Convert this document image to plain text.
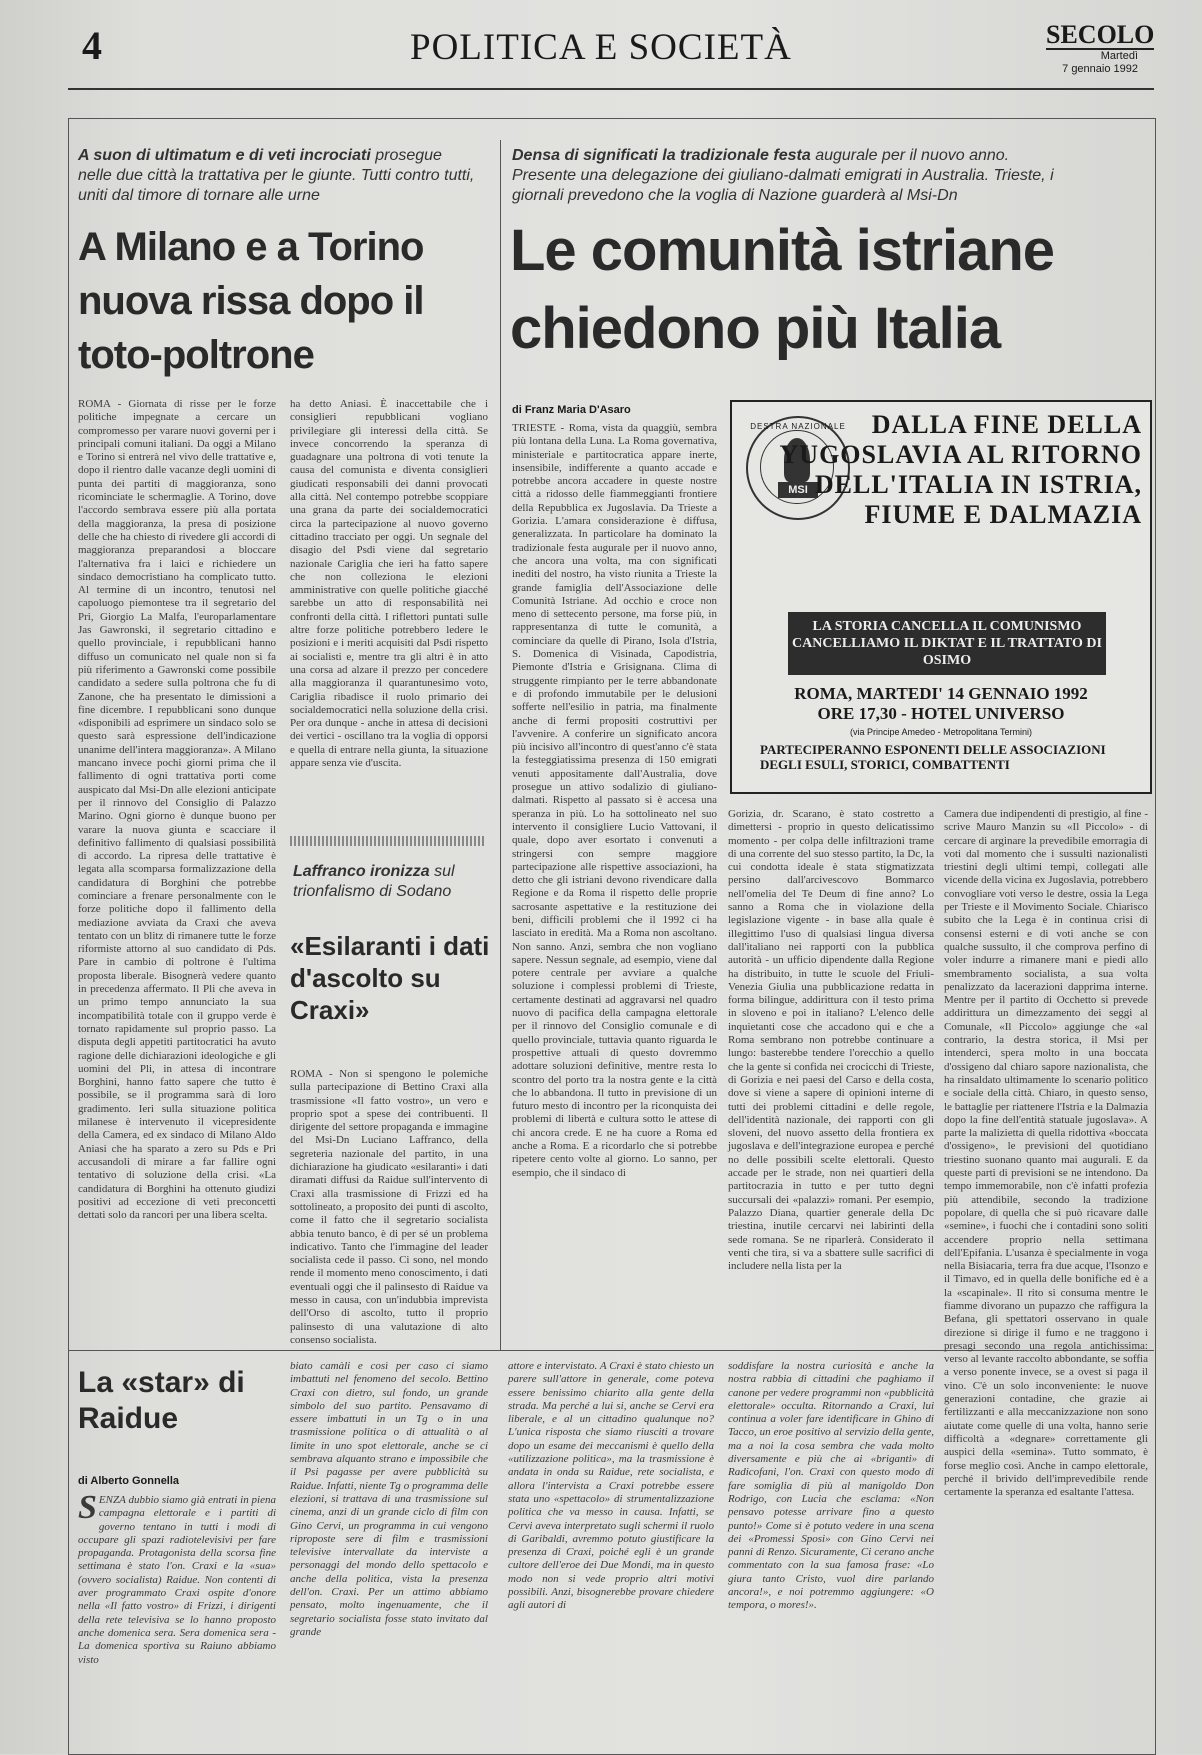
4	POLITICA E SOCIETÀ	SECOLO
Martedì
7 gennaio 1992
A suon di ultimatum e di veti incrociati prosegue nelle due città la trattativa per le giunte. Tutti contro tutti, uniti dal timore di tornare alle urne
A Milano e a Torino nuova rissa dopo il toto-poltrone
ROMA - Giornata di risse per le forze politiche impegnate a cercare un compromesso per varare nuovi governi per i principali comuni italiani. Da oggi a Milano e Torino si entrerà nel vivo delle trattative e, dopo il rientro dalle vacanze degli uomini di punta dei partiti di maggioranza, sono ricominciate le schermaglie. A Torino, dove l'accordo sembrava essere più alla portata della maggioranza, la presa di posizione delle che ha chiesto di rivedere gli accordi di maggioranza preparandosi a bloccare l'alternativa fra i laici e richiedere un sindaco democristiano ha complicato tutto. Al termine di un incontro, tenutosi nel capoluogo piemontese tra il segretario del Pri, Giorgio La Malfa, l'europarlamentare Jas Gawronski, il segretario cittadino e quello provinciale, i repubblicani hanno diffuso un comunicato nel quale non si fa più riferimento a Gawronski come possibile candidato a sedere sulla poltrona che fu di Zanone, che ha presentato le dimissioni a fine dicembre. I repubblicani sono dunque «disponibili ad esprimere un sindaco solo se questo sarà espressione dell'indicazione unanime dell'intera maggioranza». A Milano mancano invece pochi giorni prima che il fallimento di ogni trattativa porti come auspicato dal Msi-Dn alle elezioni anticipate per il rinnovo del Consiglio di Palazzo Marino. Ogni giorno è dunque buono per varare la nuova giunta e scacciare il definitivo fallimento di qualsiasi possibilità di accordo. La ripresa delle trattative è legata alla scomparsa formalizzazione della candidatura di Borghini che potrebbe cominciare a frenare personalmente con le forze politiche dopo il fallimento della mediazione avviata da Craxi che aveva tentato con un blitz di rimanere tutte le forze riformiste attorno al suo candidato di Pds. Pare in cambio di poltrone è l'ultima proposta liberale. Bisognerà vedere quanto in precedenza affermato. Il Pli che aveva in un primo tempo annunciato la sua incompatibilità totale con il gruppo verde è tornato rapidamente sul proprio passo. La disputa degli appetiti partitocratici ha avuto ragione delle dichiarazioni ideologiche e gli uomini del Pli, in attesa di incontrare Borghini, hanno fatto sapere che tutto è possibile, se il programma sarà di loro gradimento. Ieri sulla situazione politica milanese è intervenuto il vicepresidente della Camera, ed ex sindaco di Milano Aldo Aniasi che ha sparato a zero su Pds e Pri accusandoli di mirare a far fallire ogni tentativo di soluzione della crisi. «La candidatura di Borghini ha ottenuto giudizi positivi ad eccezione di veti preconcetti dettati solo da rancori per una libera scelta.
ha detto Aniasi. È inaccettabile che i consiglieri repubblicani vogliano privilegiare gli interessi della città. Se invece concorrendo la speranza di guadagnare una poltrona di voti tenute la causa del comunista e diventa consiglieri giudicati responsabili dei danni provocati alla città. Nel contempo potrebbe scoppiare una grana da parte dei socialdemocratici circa la partecipazione al nuovo governo cittadino tracciato per oggi. Un segnale del disagio del Psdi viene dal segretario nazionale Cariglia che ieri ha fatto sapere che non colleziona le elezioni amministrative con quelle politiche giacché sarebbe un atto di responsabilità nei confronti della città. I riflettori puntati sulle altre forze politiche potrebbero ledere le posizioni e i meriti acquisiti dal Psdi rispetto ai socialisti e, mentre tra gli altri è in atto una corsa ad alzare il prezzo per concedere alla maggioranza il quarantunesimo voto, Cariglia ribadisce il ruolo primario dei socialdemocratici nella soluzione della crisi. Per ora dunque - anche in attesa di decisioni dei vertici - oscillano tra la voglia di opporsi e quella di entrare nella giunta, la situazione appare senza vie d'uscita.
Laffranco ironizza sul trionfalismo di Sodano
«Esilaranti i dati d'ascolto su Craxi»
ROMA - Non si spengono le polemiche sulla partecipazione di Bettino Craxi alla trasmissione «Il fatto vostro», un vero e proprio spot a spese dei contribuenti. Il dirigente del settore propaganda e immagine del Msi-Dn Luciano Laffranco, della segreteria nazionale del partito, in una dichiarazione ha giudicato «esilaranti» i dati diramati diffusi da Raidue sull'intervento di Craxi alla trasmissione di Frizzi ed ha sottolineato, a proposito dei punti di ascolto, come il fatto che il segretario socialista abbia tenuto banco, è di per sé un problema indicativo. Tanto che l'immagine del leader socialista cede il passo. Ci sono, nel mondo rende il momento meno conoscimento, i dati eventuali oggi che il palinsesto di Raidue va messo in causa, con un'indubbia imprevista dell'Orso di ascolto, tutto il proprio palinsesto di una valutazione di alto consenso socialista.
Densa di significati la tradizionale festa augurale per il nuovo anno. Presente una delegazione dei giuliano-dalmati emigrati in Australia. Trieste, i giornali prevedono che la voglia di Nazione guarderà al Msi-Dn
Le comunità istriane chiedono più Italia
di Franz Maria D'Asaro
TRIESTE - Roma, vista da quaggiù, sembra più lontana della Luna. La Roma governativa, ministeriale e partitocratica appare inerte, insensibile, indifferente a quanto accade e potrebbe ancora accadere in queste nostre città a ridosso delle fiammeggianti frontiere della Repubblica ex Jugoslavia. Da Trieste a Gorizia. L'amara considerazione è diffusa, generalizzata. In particolare ha dominato la tradizionale festa augurale per il nuovo anno, che ancora una volta, ma con significati inediti del nostro, ha visto riunita a Trieste la grande famiglia dell'Associazione delle Comunità Istriane. Ad occhio e croce non meno di settecento persone, ma forse più, in rappresentanza di tutte le comunità, a cominciare da quelle di Pirano, Isola d'Istria, S. Domenica di Visinada, Capodistria, Piemonte d'Istria e Grisignana. Clima di struggente rimpianto per le terre abbandonate e di profondo immutabile per le delusioni sofferte nell'esilio in patria, ma finalmente anche di fermi propositi costruttivi per l'avvenire. A conferire un significato ancora più incisivo all'incontro di quest'anno c'è stata la festeggiatissima presenza di 150 emigrati venuti appositamente dall'Australia, dove prosegue un attivo sodalizio di giuliano-dalmati. Rispetto al passato si è accesa una speranza in più. Lo ha sottolineato nel suo intervento il consigliere Lucio Vattovani, il quale, dopo aver esortato i convenuti a stringersi con sempre maggiore partecipazione alle rispettive associazioni, ha detto che gli istriani devono rivendicare dalla Regione e da Roma il rispetto delle proprie sacrosante aspettative e la restituzione dei beni, difficili problemi che il 1992 ci ha lasciato in eredità. Ma a Roma non ascoltano. Non sanno. Anzi, sembra che non vogliano sapere. Nessun segnale, ad esempio, viene dal potere centrale per avviare a qualche soluzione i complessi problemi di Trieste, certamente destinati ad aggravarsi nel quadro nuovo di pacifica della campagna elettorale per il rinnovo del Consiglio comunale e di quello provinciale, tuttavia quanto riguarda le prospettive attuali di questo dovremmo adottare soluzioni definitive, mentre resta lo scontro del porto tra la nostra gente e la città che lo abbandona. Il tutto in previsione di un futuro mesto di incontro per la riconquista dei problemi di libertà e cultura sotto le attese di chi ancora crede. E ne ha cuore a Roma ed anche a Roma. E a ricordarlo che si potrebbe ripetere cento volte al giorno. Lo sanno, per esempio, che il sindaco di
Gorizia, dr. Scarano, è stato costretto a dimettersi - proprio in questo delicatissimo momento - per colpa delle infiltrazioni trame di una corrente del suo stesso partito, la Dc, la cui condotta ideale è stata stigmatizzata persino dall'arcivescovo Bommarco nell'omelia del Te Deum di fine anno? Lo sanno a Roma che in violazione della legislazione vigente - in base alla quale è illegittimo l'uso di qualsiasi lingua diversa dall'italiano nei rapporti con la pubblica autorità - un ufficio dipendente dalla Regione ha distribuito, in tutte le scuole del Friuli-Venezia Giulia una pubblicazione redatta in forma bilingue, addirittura con il testo prima in sloveno e poi in italiano? L'elenco delle inquietanti cose che accadono qui e che a Roma sembrano non potrebbe continuare a lungo: basterebbe tendere l'orecchio a quello che la gente si confida nei crocicchi di Trieste, di Gorizia e nei paesi del Carso e della costa, dove si viene a sapere di opinioni interne di tutti dei problemi cittadini e delle regole, dell'identità nazionale, dei rapporti con gli sloveni, del nuovo assetto della frontiera ex jugoslava e dell'integrazione europea e perché no delle possibili scelte elettorali. Questo accade per le strade, non nei quartieri della partitocrazia in tutto e per tutto degni succursali dei «palazzi» romani. Per esempio, Palazzo Diana, quartier generale della Dc triestina, inutile cercarvi nei labirinti della sede romana. Se ne riparlerà. Considerato il venti che tira, si va a sbattere sulle sacrifici di includere nella lista per la
Camera due indipendenti di prestigio, al fine - scrive Mauro Manzin su «Il Piccolo» - di cercare di arginare la prevedibile emorragia di voti dal momento che i sussulti nazionalisti triestini degli ultimi tempi, collegati alle vicende della vicina ex Jugoslavia, potrebbero convogliare voti verso le destre, ossia la Lega per Trieste e il Movimento Sociale. Chiarisco subito che la Lega è in continua crisi di consensi esterni e di voti anche se con qualche sussulto, il che comprova perfino di voler indurre a rimanere mani e piedi allo smembramento socialista, a sua volta penalizzato da lacerazioni dapprima interne. Mentre per il partito di Occhetto si prevede addirittura un dimezzamento dei seggi al Comunale, «Il Piccolo» aggiunge che «al contrario, la destra storica, il Msi per intenderci, spera molto in una boccata d'ossigeno dal chiaro sapore nazionalista, che ha rinsaldato ultimamente lo scenario politico e sociale della città. Chiaro, in questo senso, le battaglie per riattenere l'Istria e la Dalmazia dopo la fine dell'entità statuale jugoslava». A parte la malizietta di quella ridottiva «boccata d'ossigeno», le previsioni del quotidiano triestino suonano quanto mai augurali. E da queste parti di previsioni se ne intendono. Da tempo immemorabile, non c'è infatti profezia più attendibile, secondo la tradizione popolare, di quella che si può ricavare dalle «semine», i fuochi che i contadini sono soliti accendere proprio nella settimana dell'Epifania. L'usanza è specialmente in voga nella Bisiacaria, terra fra due acque, l'Isonzo e il Timavo, ed in quella delle bonifiche ed è a la «scapinale». Il rito si consuma mentre le fiamme divorano un pupazzo che raffigura la Befana, gli spettatori osservano in quale direzione si dirige il fumo e ne traggono i presagi secondo una regola antichissima: verso al levante raccolto abbondante, se soffia a verso ponente invece, se a ovest si paga il vino. C'è un solo inconveniente: le nuove generazioni contadine, che grazie ai fertilizzanti e alla meccanizzazione non sono aiutate come quelle di una volta, hanno serie difficoltà a «degnare» correttamente gli auspici della «semina». Tutto sommato, è forse meglio così. Anche in campo elettorale, perché il brivido dell'imprevedibile rende certamente la speranza ed esaltante l'attesa.
DESTRA NAZIONALE
MSI
DALLA FINE DELLA YUGOSLAVIA AL RITORNO DELL'ITALIA IN ISTRIA, FIUME E DALMAZIA
LA STORIA CANCELLA IL COMUNISMO CANCELLIAMO IL DIKTAT E IL TRATTATO DI OSIMO
ROMA, MARTEDI' 14 GENNAIO 1992
ORE 17,30 - HOTEL UNIVERSO
(via Principe Amedeo - Metropolitana Termini)
PARTECIPERANNO ESPONENTI DELLE ASSOCIAZIONI DEGLI ESULI, STORICI, COMBATTENTI
La «star» di Raidue
di Alberto Gonnella
SENZA dubbio siamo già entrati in piena campagna elettorale e i partiti di governo tentano in tutti i modi di occupare gli spazi radiotelevisivi per fare propaganda. Protagonista della scorsa fine settimana è stato l'on. Craxi e la «sua» (ovvero socialista) Raidue. Non contenti di aver programmato Craxi ospite d'onore nella «Il fatto vostro» di Frizzi, i dirigenti della rete televisiva se lo hanno proposto anche domenica sera. Sera domenica sera - La domenica sportiva su Raiuno abbiamo visto
biato camàli e così per caso ci siamo imbattuti nel fenomeno del secolo. Bettino Craxi con dietro, sul fondo, un grande simbolo del suo partito. Pensavamo di essere imbattuti in un Tg o in una trasmissione politica o di attualità o al limite in uno spot elettorale, anche se ci sembrava alquanto strano e impossibile che il Psi pagasse per avere pubblicità su Raidue. Infatti, niente Tg o programma delle elezioni, si trattava di una trasmissione sul cinema, anzi di un grande ciclo di film con Gino Cervi, un programma in cui vengono riproposte sere di film e trasmissioni televisive intervallate da interviste a personaggi del mondo dello spettacolo e anche della politica, vista la presenza dell'on. Craxi. Per un attimo abbiamo pensato, molto ingenuamente, che il segretario socialista fosse stato invitato dal grande
attore e intervistato. A Craxi è stato chiesto un parere sull'attore in generale, come poteva essere benissimo chiarito alla gente della strada. Ma perché a lui si, anche se Cervi era liberale, e al un cittadino qualunque no? L'unica risposta che siamo riusciti a trovare dopo un esame dei meccanismi è quello della «utilizzazione politica», ma la trasmissione è andata in onda su Raidue, rete socialista, e allora l'intervista a Craxi potrebbe essere stata uno «spettacolo» di strumentalizzazione politica che va messo in causa. Infatti, se Cervi aveva interpretato sugli schermi il ruolo di Garibaldi, avremmo potuto giustificare la presenza di Craxi, poiché egli è un grande cultore dell'eroe dei Due Mondi, ma in questo modo non si vede proprio altri motivi possibili. Anzi, bisognerebbe provare chiedere agli autori di
soddisfare la nostra curiosità e anche la nostra rabbia di cittadini che paghiamo il canone per vedere programmi non «pubblicità elettorale» occulta. Ritornando a Craxi, lui continua a voler fare identificare in Ghino di Tacco, un eroe positivo al servizio della gente, ma a noi la cosa sembra che vada molto diversamente e più che ai «briganti» di Radicofani, l'on. Craxi con questo modo di fare somiglia di più al manigoldo Don Rodrigo, con Lucia che esclama: «Non pensavo potesse arrivare fino a questo punto!» Come si è potuto vedere in una scena dei «Promessi Sposi» con Gino Cervi nei panni di Renzo. Sicuramente, Ci cerano anche commentato con la sua famosa frase: «Lo giura tanto Cristo, vuol dire parlando ancora!», e noi potremmo aggiungere: «O tempora, o mores!».
